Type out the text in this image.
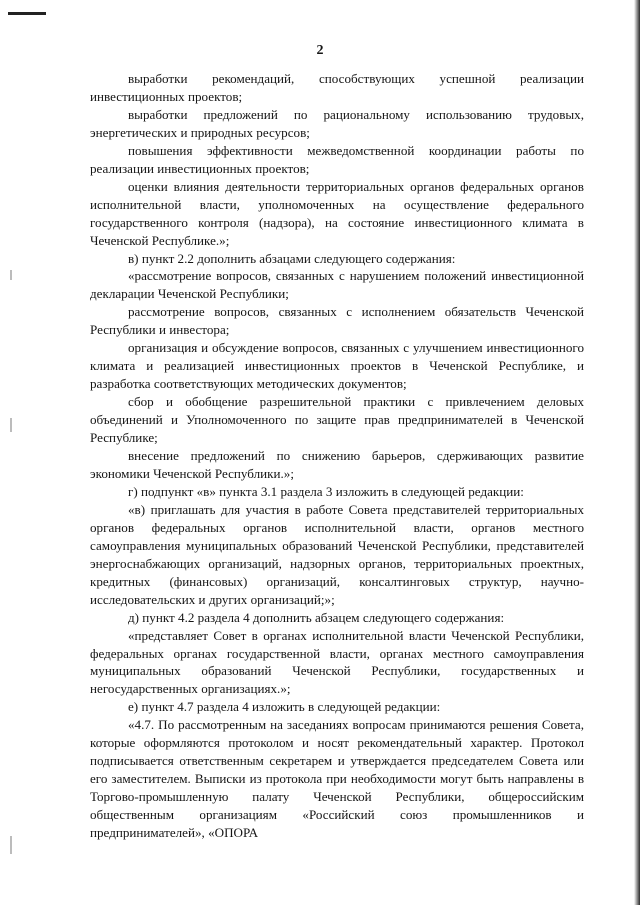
2

выработки рекомендаций, способствующих успешной реализации инвестиционных проектов;

выработки предложений по рациональному использованию трудовых, энергетических и природных ресурсов;

повышения эффективности межведомственной координации работы по реализации инвестиционных проектов;

оценки влияния деятельности территориальных органов федеральных органов исполнительной власти, уполномоченных на осуществление федерального государственного контроля (надзора), на состояние инвестиционного климата в Чеченской Республике.»;

в) пункт 2.2 дополнить абзацами следующего содержания:

«рассмотрение вопросов, связанных с нарушением положений инвестиционной декларации Чеченской Республики;

рассмотрение вопросов, связанных с исполнением обязательств Чеченской Республики и инвестора;

организация и обсуждение вопросов, связанных с улучшением инвестиционного климата и реализацией инвестиционных проектов в Чеченской Республике, и разработка соответствующих методических документов;

сбор и обобщение разрешительной практики с привлечением деловых объединений и Уполномоченного по защите прав предпринимателей в Чеченской Республике;

внесение предложений по снижению барьеров, сдерживающих развитие экономики Чеченской Республики.»;

г) подпункт «в» пункта 3.1 раздела 3 изложить в следующей редакции:

«в) приглашать для участия в работе Совета представителей территориальных органов федеральных органов исполнительной власти, органов местного самоуправления муниципальных образований Чеченской Республики, представителей энергоснабжающих организаций, надзорных органов, территориальных проектных, кредитных (финансовых) организаций, консалтинговых структур, научно-исследовательских и других организаций;»;

д) пункт 4.2 раздела 4 дополнить абзацем следующего содержания:

«представляет Совет в органах исполнительной власти Чеченской Республики, федеральных органах государственной власти, органах местного самоуправления муниципальных образований Чеченской Республики, государственных и негосударственных организациях.»;

е) пункт 4.7 раздела 4 изложить в следующей редакции:

«4.7. По рассмотренным на заседаниях вопросам принимаются решения Совета, которые оформляются протоколом и носят рекомендательный характер. Протокол подписывается ответственным секретарем и утверждается председателем Совета или его заместителем. Выписки из протокола при необходимости могут быть направлены в Торгово-промышленную палату Чеченской Республики, общероссийским общественным организациям «Российский союз промышленников и предпринимателей», «ОПОРА
